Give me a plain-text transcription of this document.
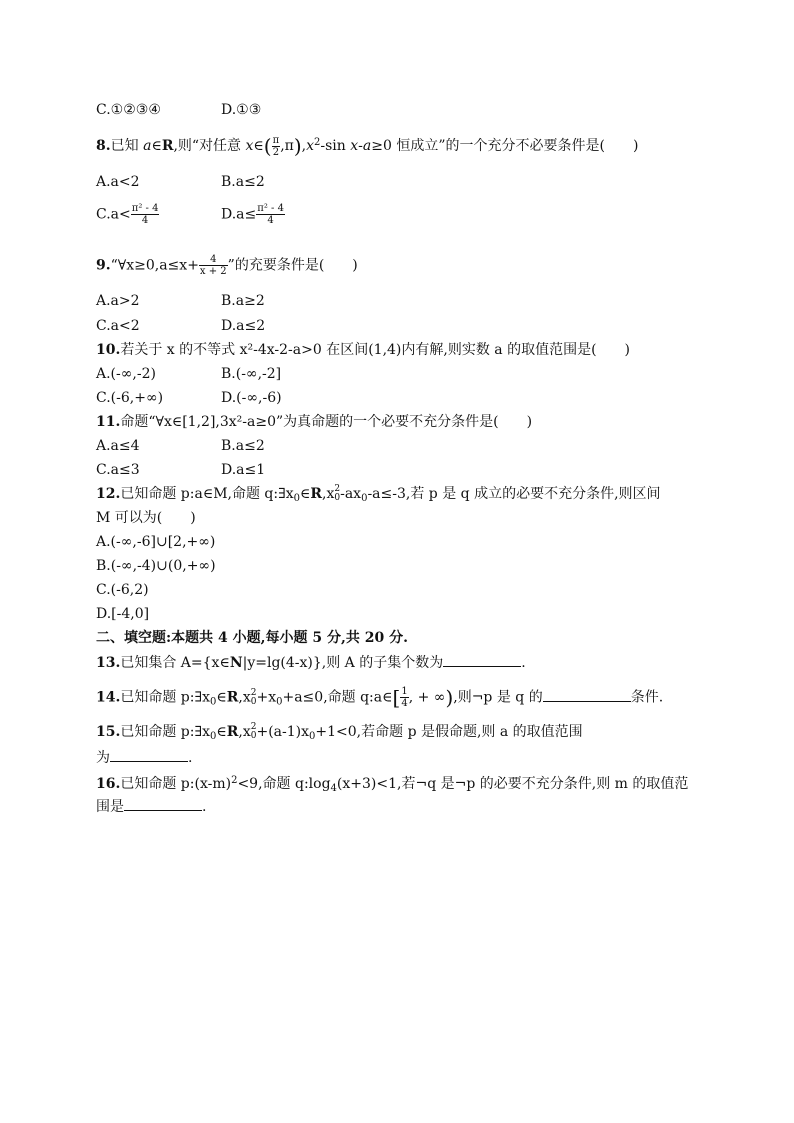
C.①②③④	D.①③
8.已知 a∈R,则“对任意 x∈( $\frac{\pi}{2} ,\pi),x^2-\sin$ x-a≥0 恒成立”的一个充分不必要条件是(　　)
A.a<2	B.a≤2
$C.a< \frac{\text{π² - 4}}{4}$	$D.a\le \frac{\text{π² - 4}}{4}$
9.“∀x≥0,a≤x+ $\frac{4}{x + 2}$ ”的充要条件是(　　)
A.a>2	B.a≥2
C.a<2	D.a≤2
10.若关于 x 的不等式 x²-4x-2-a>0 在区间(1,4)内有解,则实数 a 的取值范围是(　　)
A.(-∞,-2)	B.(-∞,-2]
C.(-6,+∞)	D.(-∞,-6)
11.命题“∀x∈[1,2],3x²-a≥0”为真命题的一个必要不充分条件是(　　)
A.a≤4	B.a≤2
C.a≤3	D.a≤1
12.已知命题 p:a∈M,命题 $q:\exists x_0\in R,x$ 2
0 $-ax_0-a\le-3$,若 p 是 q 成立的必要不充分条件,则区间
M 可以为(　　)
A.(-∞,-6]∪[2,+∞)
B.(-∞,-4)∪(0,+∞)
C.(-6,2)
D.[-4,0]
二、填空题:本题共 4 小题,每小题 5 分,共 20 分.
13.已知集合 A={x∈N|y=lg(4-x)},则 A 的子集个数为	.
14.已知命题 $p:\exists x_0\in R,x$ 2
$0 +x_0+a\le 0$,命题 q:a∈[ $\frac{1}{4}$ , + ∞),则¬p 是 q 的	条件.
15.已知命题 $p:\exists x_0\in R,x$ 2
$0 +(a-1)x_0+1<0$,若命题 p 是假命题,则 a 的取值范围
为	.
16.已知命题 $p:(x-m)^2<9$,命题 $q:\log_4(x+3)<1$,若¬q 是¬p 的必要不充分条件,则 m 的取值范
围是	.
